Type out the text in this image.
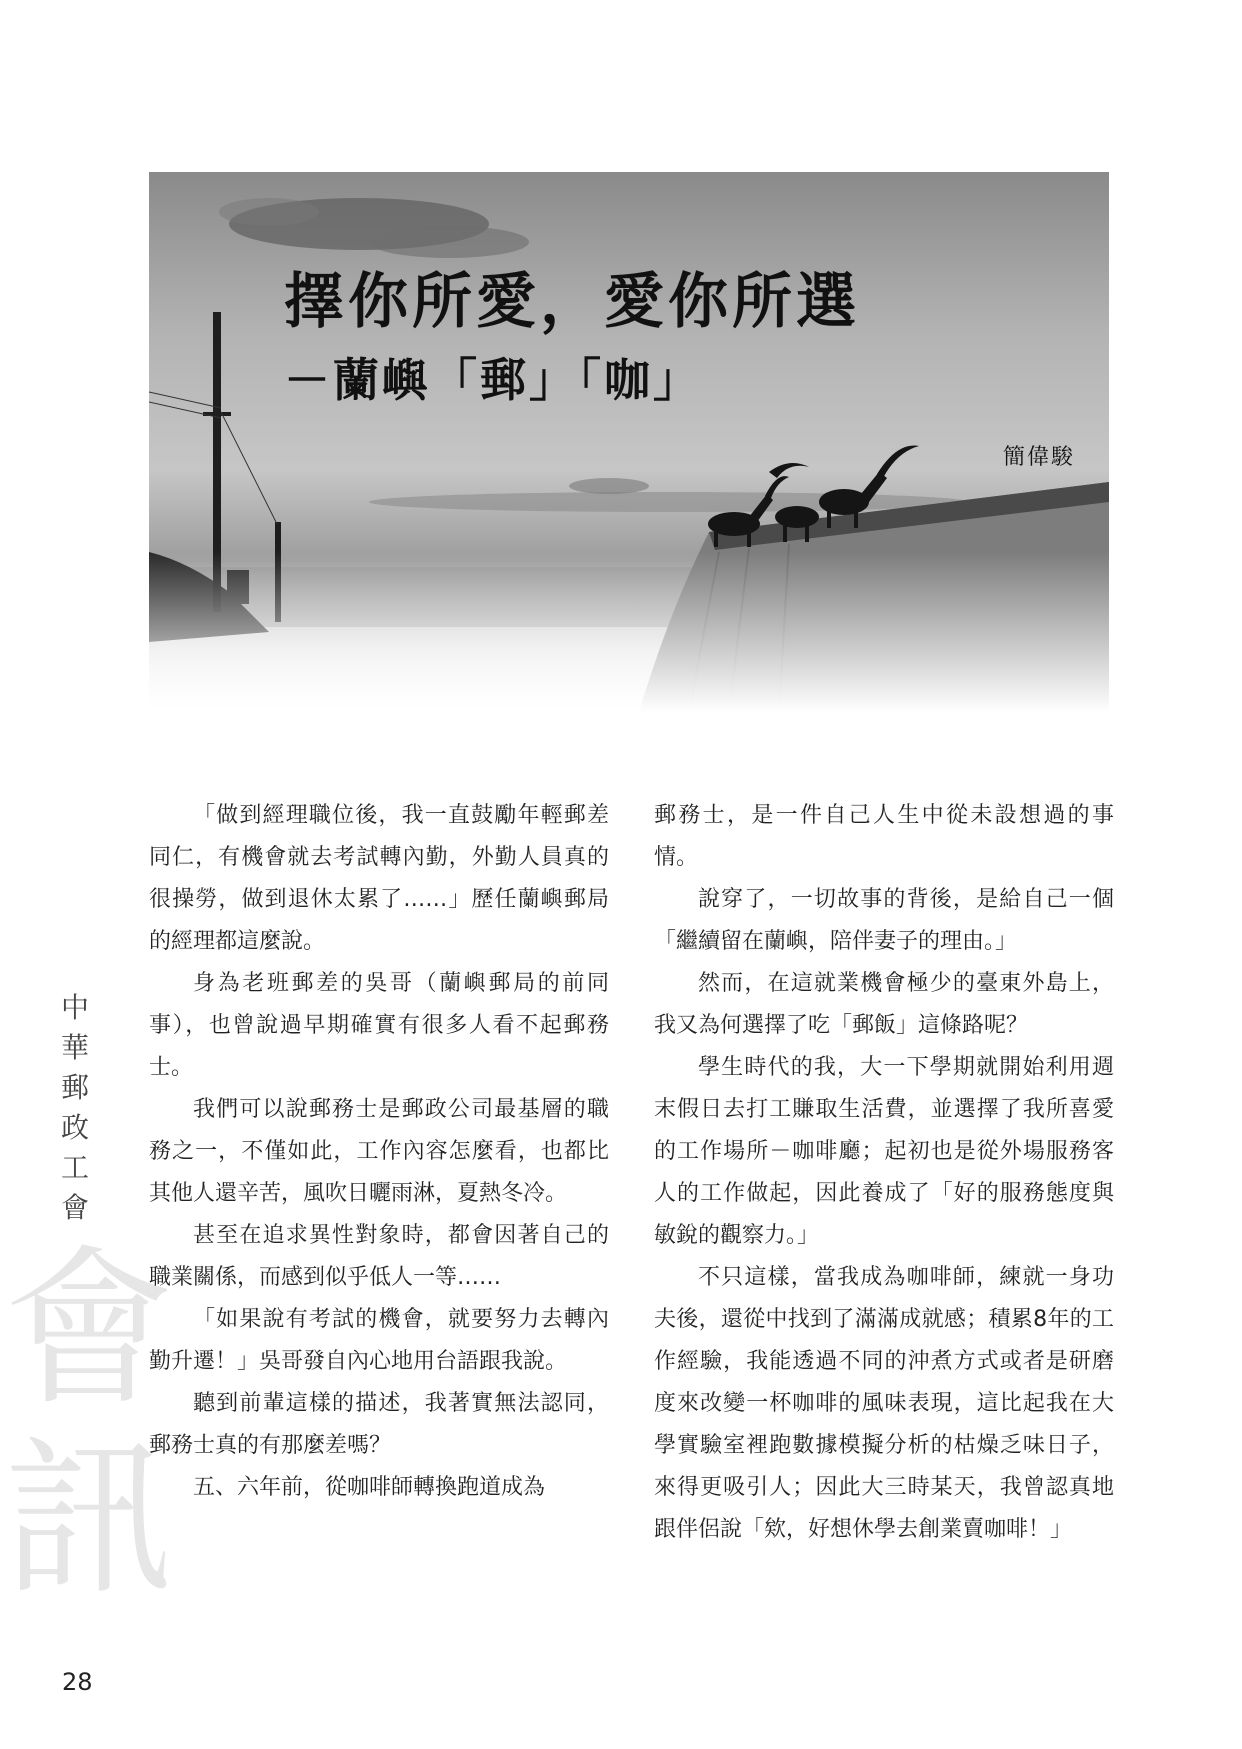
擇你所愛，愛你所選
－蘭嶼「郵」「咖」
簡偉駿
中華郵政工會
會訊

「做到經理職位後，我一直鼓勵年輕郵差同仁，有機會就去考試轉內勤，外勤人員真的很操勞，做到退休太累了……」歷任蘭嶼郵局的經理都這麼說。

身為老班郵差的吳哥（蘭嶼郵局的前同事），也曾說過早期確實有很多人看不起郵務士。

我們可以說郵務士是郵政公司最基層的職務之一，不僅如此，工作內容怎麼看，也都比其他人還辛苦，風吹日曬雨淋，夏熱冬冷。

甚至在追求異性對象時，都會因著自己的職業關係，而感到似乎低人一等……

「如果說有考試的機會，就要努力去轉內勤升遷！」吳哥發自內心地用台語跟我說。

聽到前輩這樣的描述，我著實無法認同，郵務士真的有那麼差嗎？

五、六年前，從咖啡師轉換跑道成為

郵務士，是一件自己人生中從未設想過的事情。

說穿了，一切故事的背後，是給自己一個「繼續留在蘭嶼，陪伴妻子的理由。」

然而，在這就業機會極少的臺東外島上，我又為何選擇了吃「郵飯」這條路呢？

學生時代的我，大一下學期就開始利用週末假日去打工賺取生活費，並選擇了我所喜愛的工作場所－咖啡廳；起初也是從外場服務客人的工作做起，因此養成了「好的服務態度與敏銳的觀察力。」

不只這樣，當我成為咖啡師，練就一身功夫後，還從中找到了滿滿成就感；積累8年的工作經驗，我能透過不同的沖煮方式或者是研磨度來改變一杯咖啡的風味表現，這比起我在大學實驗室裡跑數據模擬分析的枯燥乏味日子，來得更吸引人；因此大三時某天，我曾認真地跟伴侶說「欸，好想休學去創業賣咖啡！」

28
